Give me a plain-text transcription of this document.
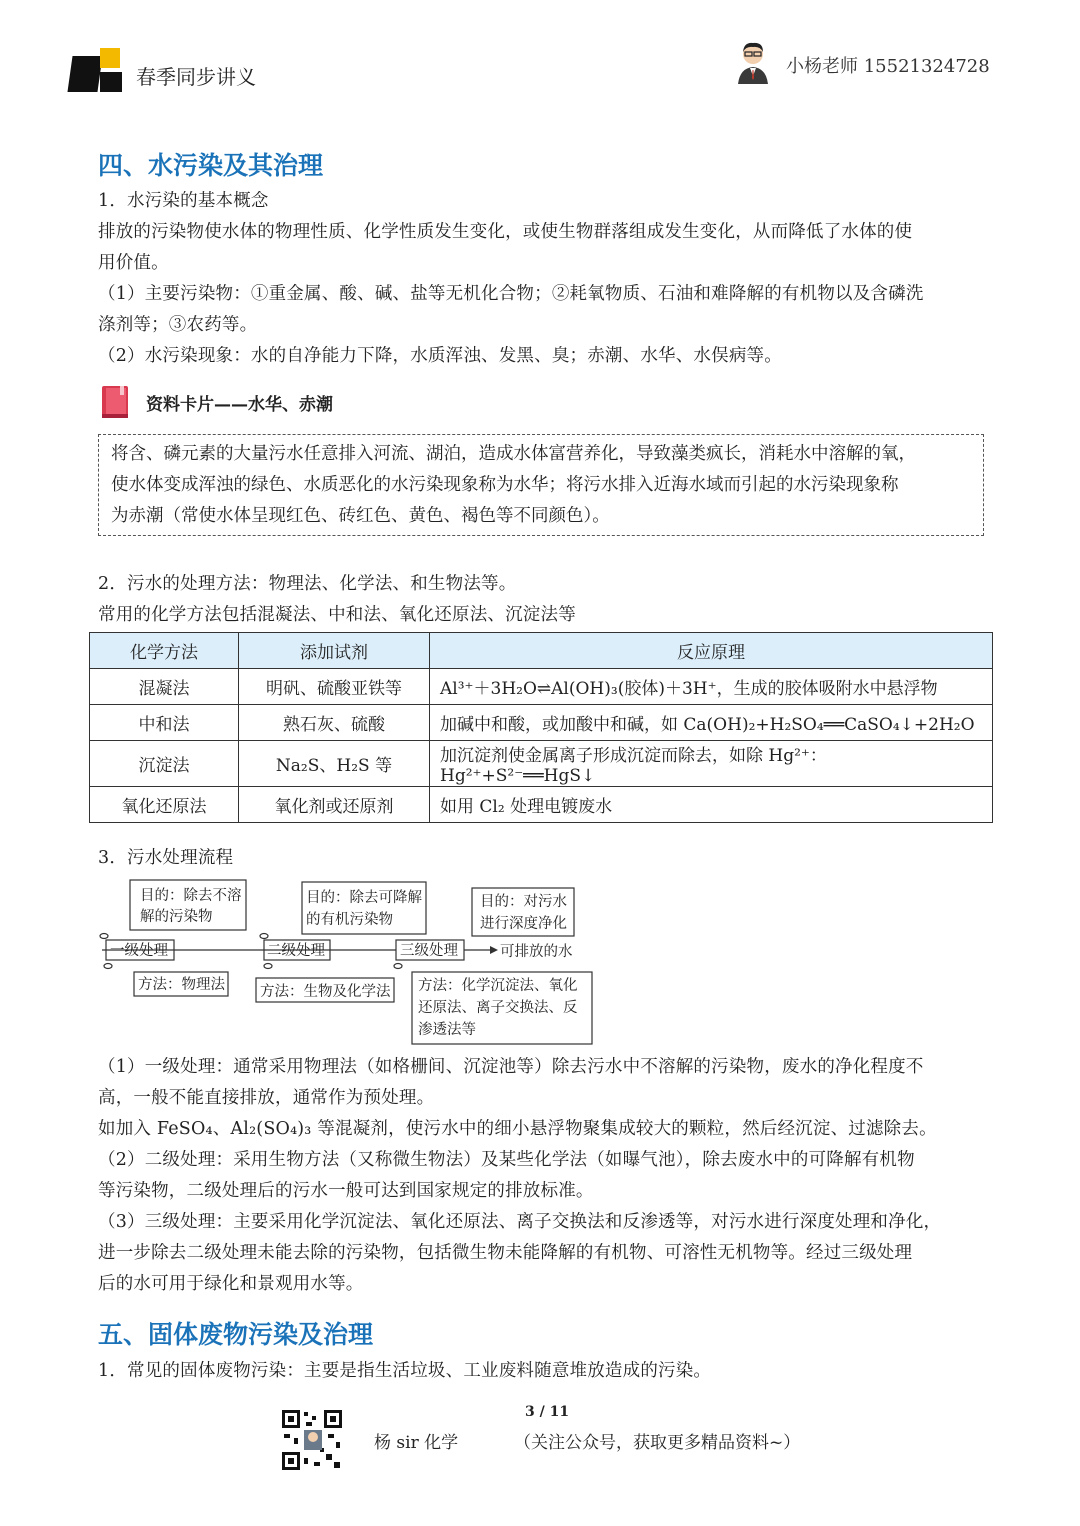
春季同步讲义	小杨老师 15521324728
四、水污染及其治理
1．水污染的基本概念
排放的污染物使水体的物理性质、化学性质发生变化，或使生物群落组成发生变化，从而降低了水体的使
用价值。
（1）主要污染物：①重金属、酸、碱、盐等无机化合物；②耗氧物质、石油和难降解的有机物以及含磷洗
涤剂等；③农药等。
（2）水污染现象：水的自净能力下降，水质浑浊、发黑、臭；赤潮、水华、水俣病等。
资料卡片——水华、赤潮
将含、磷元素的大量污水任意排入河流、湖泊，造成水体富营养化，导致藻类疯长，消耗水中溶解的氧，
使水体变成浑浊的绿色、水质恶化的水污染现象称为水华；将污水排入近海水域而引起的水污染现象称
为赤潮（常使水体呈现红色、砖红色、黄色、褐色等不同颜色）。
2．污水的处理方法：物理法、化学法、和生物法等。
常用的化学方法包括混凝法、中和法、氧化还原法、沉淀法等
化学方法	添加试剂	反应原理
混凝法	明矾、硫酸亚铁等	Al³⁺＋3H₂O⇌Al(OH)₃(胶体)＋3H⁺，生成的胶体吸附水中悬浮物
中和法	熟石灰、硫酸	加碱中和酸，或加酸中和碱，如 Ca(OH)₂+H₂SO₄══CaSO₄↓+2H₂O
沉淀法	Na₂S、H₂S 等	加沉淀剂使金属离子形成沉淀而除去，如除 Hg²⁺：Hg²⁺+S²⁻══HgS↓
氧化还原法	氧化剂或还原剂	如用 Cl₂ 处理电镀废水
3．污水处理流程
目的：除去不溶
解的污染物
目的：除去可降解
的有机污染物
目的：对污水
进行深度净化
一级处理	二级处理	三级处理	可排放的水
方法：物理法 方法：生物及化学法 方法：化学沉淀法、氧化
还原法、离子交换法、反
渗透法等
（1）一级处理：通常采用物理法（如格栅间、沉淀池等）除去污水中不溶解的污染物，废水的净化程度不
高，一般不能直接排放，通常作为预处理。
如加入 FeSO₄、Al₂(SO₄)₃ 等混凝剂，使污水中的细小悬浮物聚集成较大的颗粒，然后经沉淀、过滤除去。
（2）二级处理：采用生物方法（又称微生物法）及某些化学法（如曝气池），除去废水中的可降解有机物
等污染物，二级处理后的污水一般可达到国家规定的排放标准。
（3）三级处理：主要采用化学沉淀法、氧化还原法、离子交换法和反渗透等，对污水进行深度处理和净化，
进一步除去二级处理未能去除的污染物，包括微生物未能降解的有机物、可溶性无机物等。经过三级处理
后的水可用于绿化和景观用水等。
五、固体废物污染及治理
1．常见的固体废物污染：主要是指生活垃圾、工业废料随意堆放造成的污染。
3 / 11
杨 sir 化学	（关注公众号，获取更多精品资料~）
